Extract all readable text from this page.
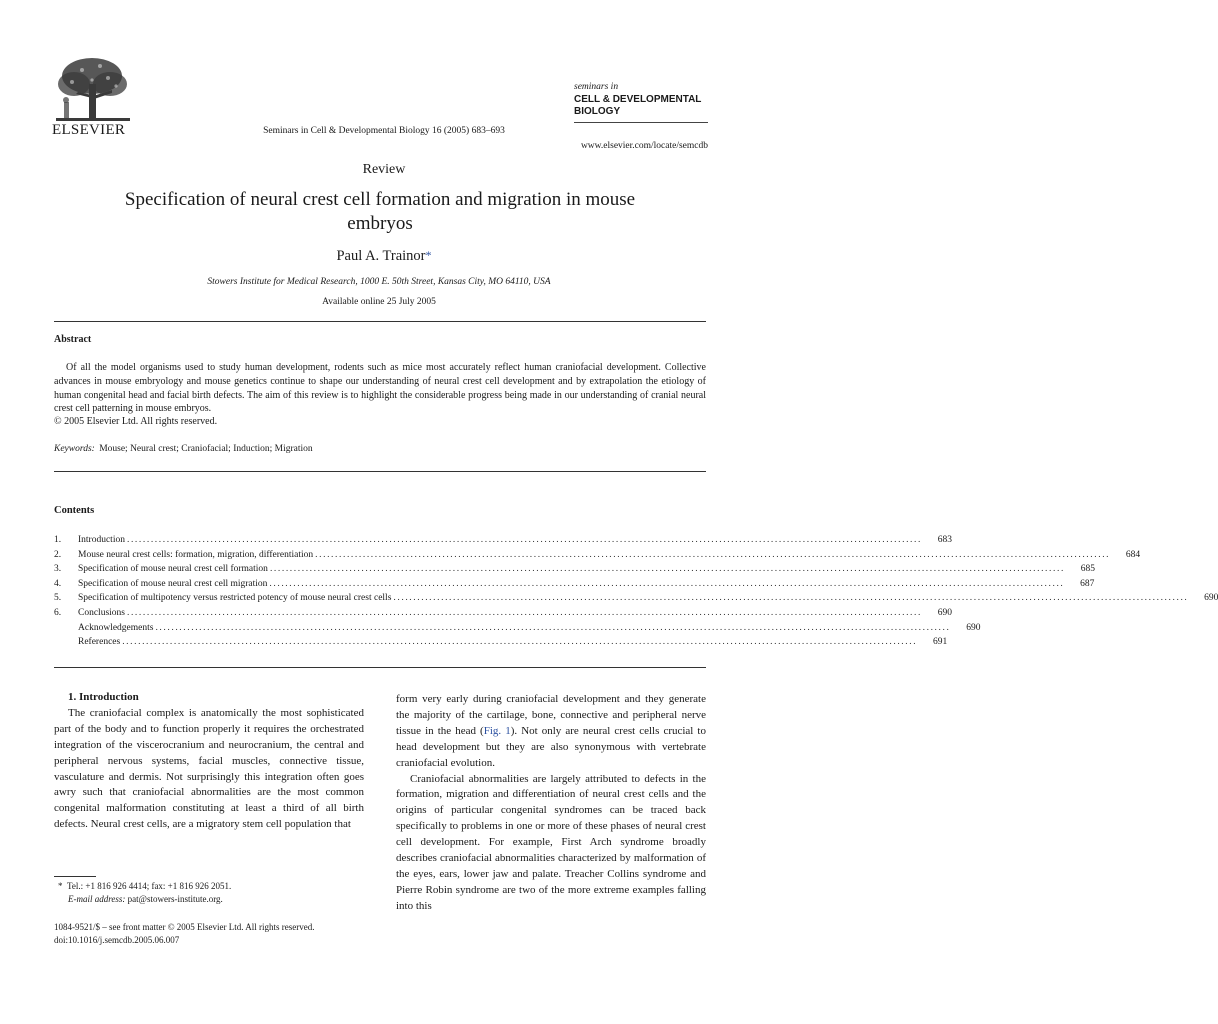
ELSEVIER	Seminars in Cell & Developmental Biology 16 (2005) 683–693
seminars in
CELL & DEVELOPMENTAL BIOLOGY
www.elsevier.com/locate/semcdb
Review
Specification of neural crest cell formation and migration in mouse embryos
Paul A. Trainor*
Stowers Institute for Medical Research, 1000 E. 50th Street, Kansas City, MO 64110, USA
Available online 25 July 2005
Abstract

Of all the model organisms used to study human development, rodents such as mice most accurately reflect human craniofacial development. Collective advances in mouse embryology and mouse genetics continue to shape our understanding of neural crest cell development and by extrapolation the etiology of human congenital head and facial birth defects. The aim of this review is to highlight the considerable progress being made in our understanding of cranial neural crest cell patterning in mouse embryos.

© 2005 Elsevier Ltd. All rights reserved.
Keywords: Mouse; Neural crest; Craniofacial; Induction; Migration
Contents
1.	Introduction ........................................................................................................................................................................................................	683
2.	Mouse neural crest cells: formation, migration, differentiation ........................................................................................................................................................................................................	684
3.	Specification of mouse neural crest cell formation ........................................................................................................................................................................................................	685
4.	Specification of mouse neural crest cell migration ........................................................................................................................................................................................................	687
5.	Specification of multipotency versus restricted potency of mouse neural crest cells ........................................................................................................................................................................................................	690
6.	Conclusions ........................................................................................................................................................................................................	690
Acknowledgements ........................................................................................................................................................................................................	690
References ........................................................................................................................................................................................................	691

1. Introduction

The craniofacial complex is anatomically the most sophisticated part of the body and to function properly it requires the orchestrated integration of the viscerocranium and neurocranium, the central and peripheral nervous systems, facial muscles, connective tissue, vasculature and dermis. Not surprisingly this integration often goes awry such that craniofacial abnormalities are the most common congenital malformation constituting at least a third of all birth defects. Neural crest cells, are a migratory stem cell population that

form very early during craniofacial development and they generate the majority of the cartilage, bone, connective and peripheral nerve tissue in the head (Fig. 1). Not only are neural crest cells crucial to head development but they are also synonymous with vertebrate craniofacial evolution.

Craniofacial abnormalities are largely attributed to defects in the formation, migration and differentiation of neural crest cells and the origins of particular congenital syndromes can be traced back specifically to problems in one or more of these phases of neural crest cell development. For example, First Arch syndrome broadly describes craniofacial abnormalities characterized by malformation of the eyes, ears, lower jaw and palate. Treacher Collins syndrome and Pierre Robin syndrome are two of the more extreme examples falling into this

* Tel.: +1 816 926 4414; fax: +1 816 926 2051.
E-mail address: pat@stowers-institute.org.
1084-9521/$ – see front matter © 2005 Elsevier Ltd. All rights reserved.
doi:10.1016/j.semcdb.2005.06.007
